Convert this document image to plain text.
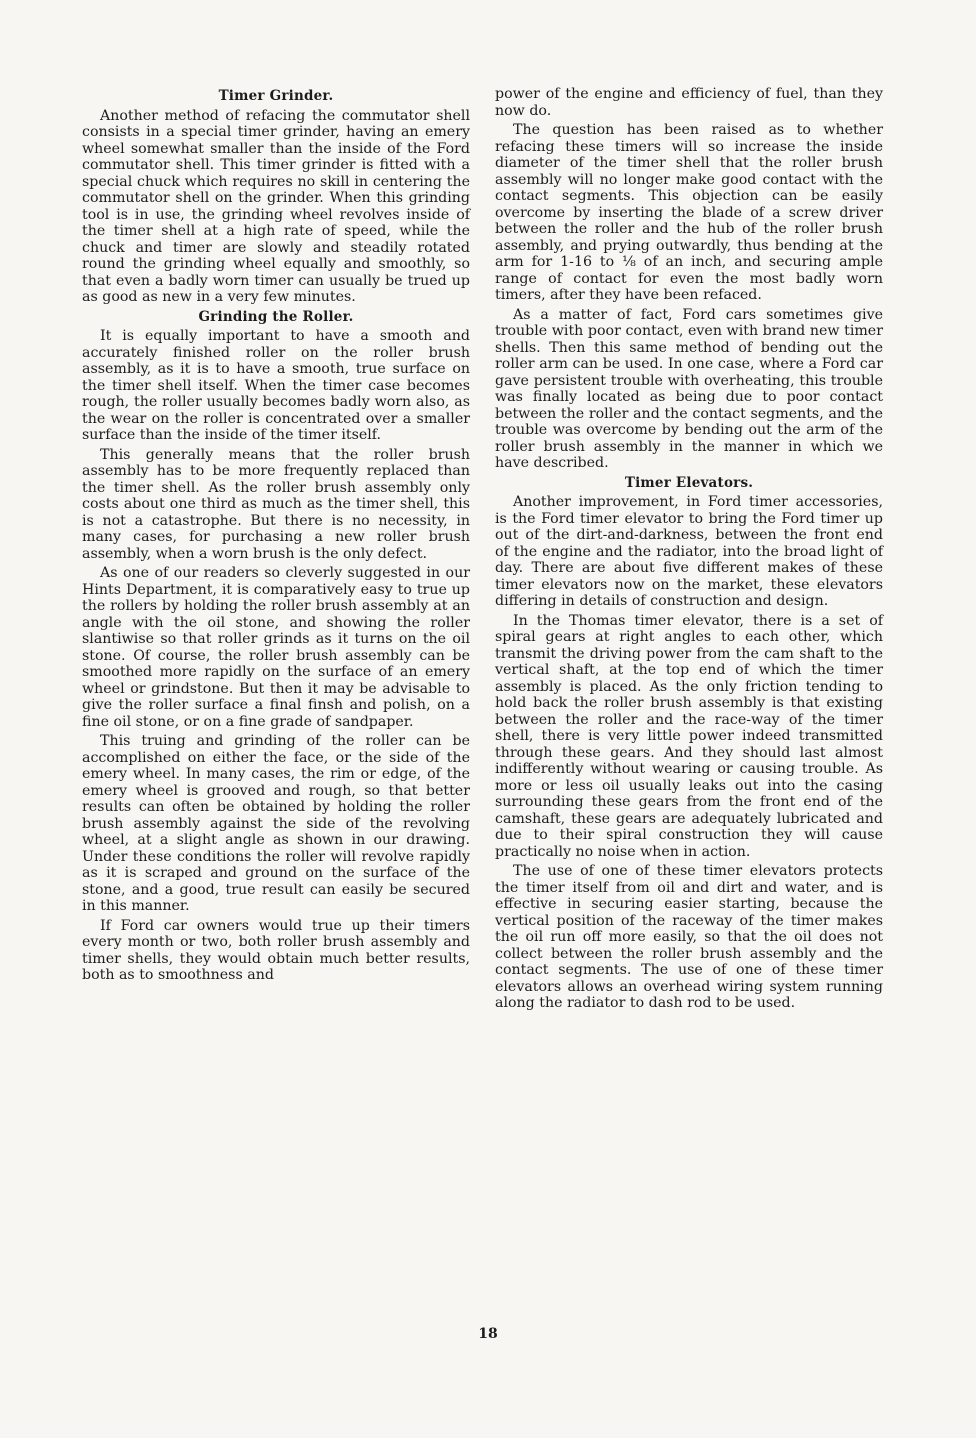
Timer Grinder.

Another method of refacing the commutator shell consists in a special timer grinder, having an emery wheel somewhat smaller than the inside of the Ford commutator shell. This timer grinder is fitted with a special chuck which requires no skill in centering the commutator shell on the grinder. When this grinding tool is in use, the grinding wheel revolves inside of the timer shell at a high rate of speed, while the chuck and timer are slowly and steadily rotated round the grinding wheel equally and smoothly, so that even a badly worn timer can usually be trued up as good as new in a very few minutes.

Grinding the Roller.

It is equally important to have a smooth and accurately finished roller on the roller brush assembly, as it is to have a smooth, true surface on the timer shell itself. When the timer case becomes rough, the roller usually becomes badly worn also, as the wear on the roller is concentrated over a smaller surface than the inside of the timer itself.

This generally means that the roller brush assembly has to be more frequently replaced than the timer shell. As the roller brush assembly only costs about one third as much as the timer shell, this is not a catastrophe. But there is no necessity, in many cases, for purchasing a new roller brush assembly, when a worn brush is the only defect.

As one of our readers so cleverly suggested in our Hints Department, it is comparatively easy to true up the rollers by holding the roller brush assembly at an angle with the oil stone, and showing the roller slantiwise so that roller grinds as it turns on the oil stone. Of course, the roller brush assembly can be smoothed more rapidly on the surface of an emery wheel or grindstone. But then it may be advisable to give the roller surface a final finsh and polish, on a fine oil stone, or on a fine grade of sandpaper.

This truing and grinding of the roller can be accomplished on either the face, or the side of the emery wheel. In many cases, the rim or edge, of the emery wheel is grooved and rough, so that better results can often be obtained by holding the roller brush assembly against the side of the revolving wheel, at a slight angle as shown in our drawing. Under these conditions the roller will revolve rapidly as it is scraped and ground on the surface of the stone, and a good, true result can easily be secured in this manner.

If Ford car owners would true up their timers every month or two, both roller brush assembly and timer shells, they would obtain much better results, both as to smoothness and

power of the engine and efficiency of fuel, than they now do.

The question has been raised as to whether refacing these timers will so increase the inside diameter of the timer shell that the roller brush assembly will no longer make good contact with the contact segments. This objection can be easily overcome by inserting the blade of a screw driver between the roller and the hub of the roller brush assembly, and prying outwardly, thus bending at the arm for 1-16 to ⅛ of an inch, and securing ample range of contact for even the most badly worn timers, after they have been refaced.

As a matter of fact, Ford cars sometimes give trouble with poor contact, even with brand new timer shells. Then this same method of bending out the roller arm can be used. In one case, where a Ford car gave persistent trouble with overheating, this trouble was finally located as being due to poor contact between the roller and the contact segments, and the trouble was overcome by bending out the arm of the roller brush assembly in the manner in which we have described.

Timer Elevators.

Another improvement, in Ford timer accessories, is the Ford timer elevator to bring the Ford timer up out of the dirt-and-darkness, between the front end of the engine and the radiator, into the broad light of day. There are about five different makes of these timer elevators now on the market, these elevators differing in details of construction and design.

In the Thomas timer elevator, there is a set of spiral gears at right angles to each other, which transmit the driving power from the cam shaft to the vertical shaft, at the top end of which the timer assembly is placed. As the only friction tending to hold back the roller brush assembly is that existing between the roller and the race-way of the timer shell, there is very little power indeed transmitted through these gears. And they should last almost indifferently without wearing or causing trouble. As more or less oil usually leaks out into the casing surrounding these gears from the front end of the camshaft, these gears are adequately lubricated and due to their spiral construction they will cause practically no noise when in action.

The use of one of these timer elevators protects the timer itself from oil and dirt and water, and is effective in securing easier starting, because the vertical position of the raceway of the timer makes the oil run off more easily, so that the oil does not collect between the roller brush assembly and the contact segments. The use of one of these timer elevators allows an overhead wiring system running along the radiator to dash rod to be used.

18
